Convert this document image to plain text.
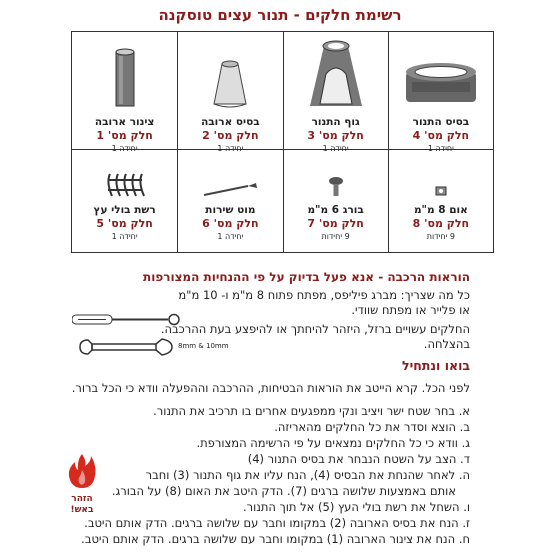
רשימת חלקים - תנור עצים טוסקנה
בסיס התנור
חלק מס' 4
יחידה 1
גוף התנור
חלק מס' 3
יחידה 1
בסיס ארובה
חלק מס' 2
יחידה 1
צינור ארובה
חלק מס' 1
יחידה 1
אום 8 מ"מ
חלק מס' 8
9 יחידות
בורג 6 מ"מ
חלק מס' 7
9 יחידות
מוט שירות
חלק מס' 6
יחידה 1
רשת בולי עץ
חלק מס' 5
יחידה 1
הוראות הרכבה - אנא פעל בדיוק על פי ההנחיות המצורפות
כל מה שצריך: מברג פיליפס, מפתח פתוח 8 מ"מ ו- 10 מ"מ
או פלייר או מפתח שוודי.
החלקים עשויים ברזל, היזהר להיחתך או להיפצע בעת ההרכבה.
בהצלחה.
8mm & 10mm
בואו ונתחיל
לפני הכל. קרא הייטב את הוראות הבטיחות, ההרכבה וההפעלה וודא כי הכל ברור.
א. בחר שטח ישר ויציב ונקי ממפגעים אחרים בו תרכיב את התנור.
ב. הוצא וסדר את כל החלקים מהאריזה.
ג. וודא כי כל החלקים נמצאים על פי הרשימה המצורפת.
ד. הצב על השטח הנבחר את בסיס התנור (4)
ה. לאחר שהנחת את הבסיס (4), הנח עליו את גוף התנור (3) וחבר
אותם באמצעות שלושה ברגים (7). הדק היטב את האום (8) על הבורג.
ו. השחל את רשת בולי העץ (5) אל תוך התנור.
ז. הנח את בסיס הארובה (2) במקומו וחבר עם שלושה ברגים. הדק אותם היטב.
ח. הנח את צינור הארובה (1) במקומו וחבר עם שלושה ברגים. הדק אותם היטב.
הזהר
באש!
